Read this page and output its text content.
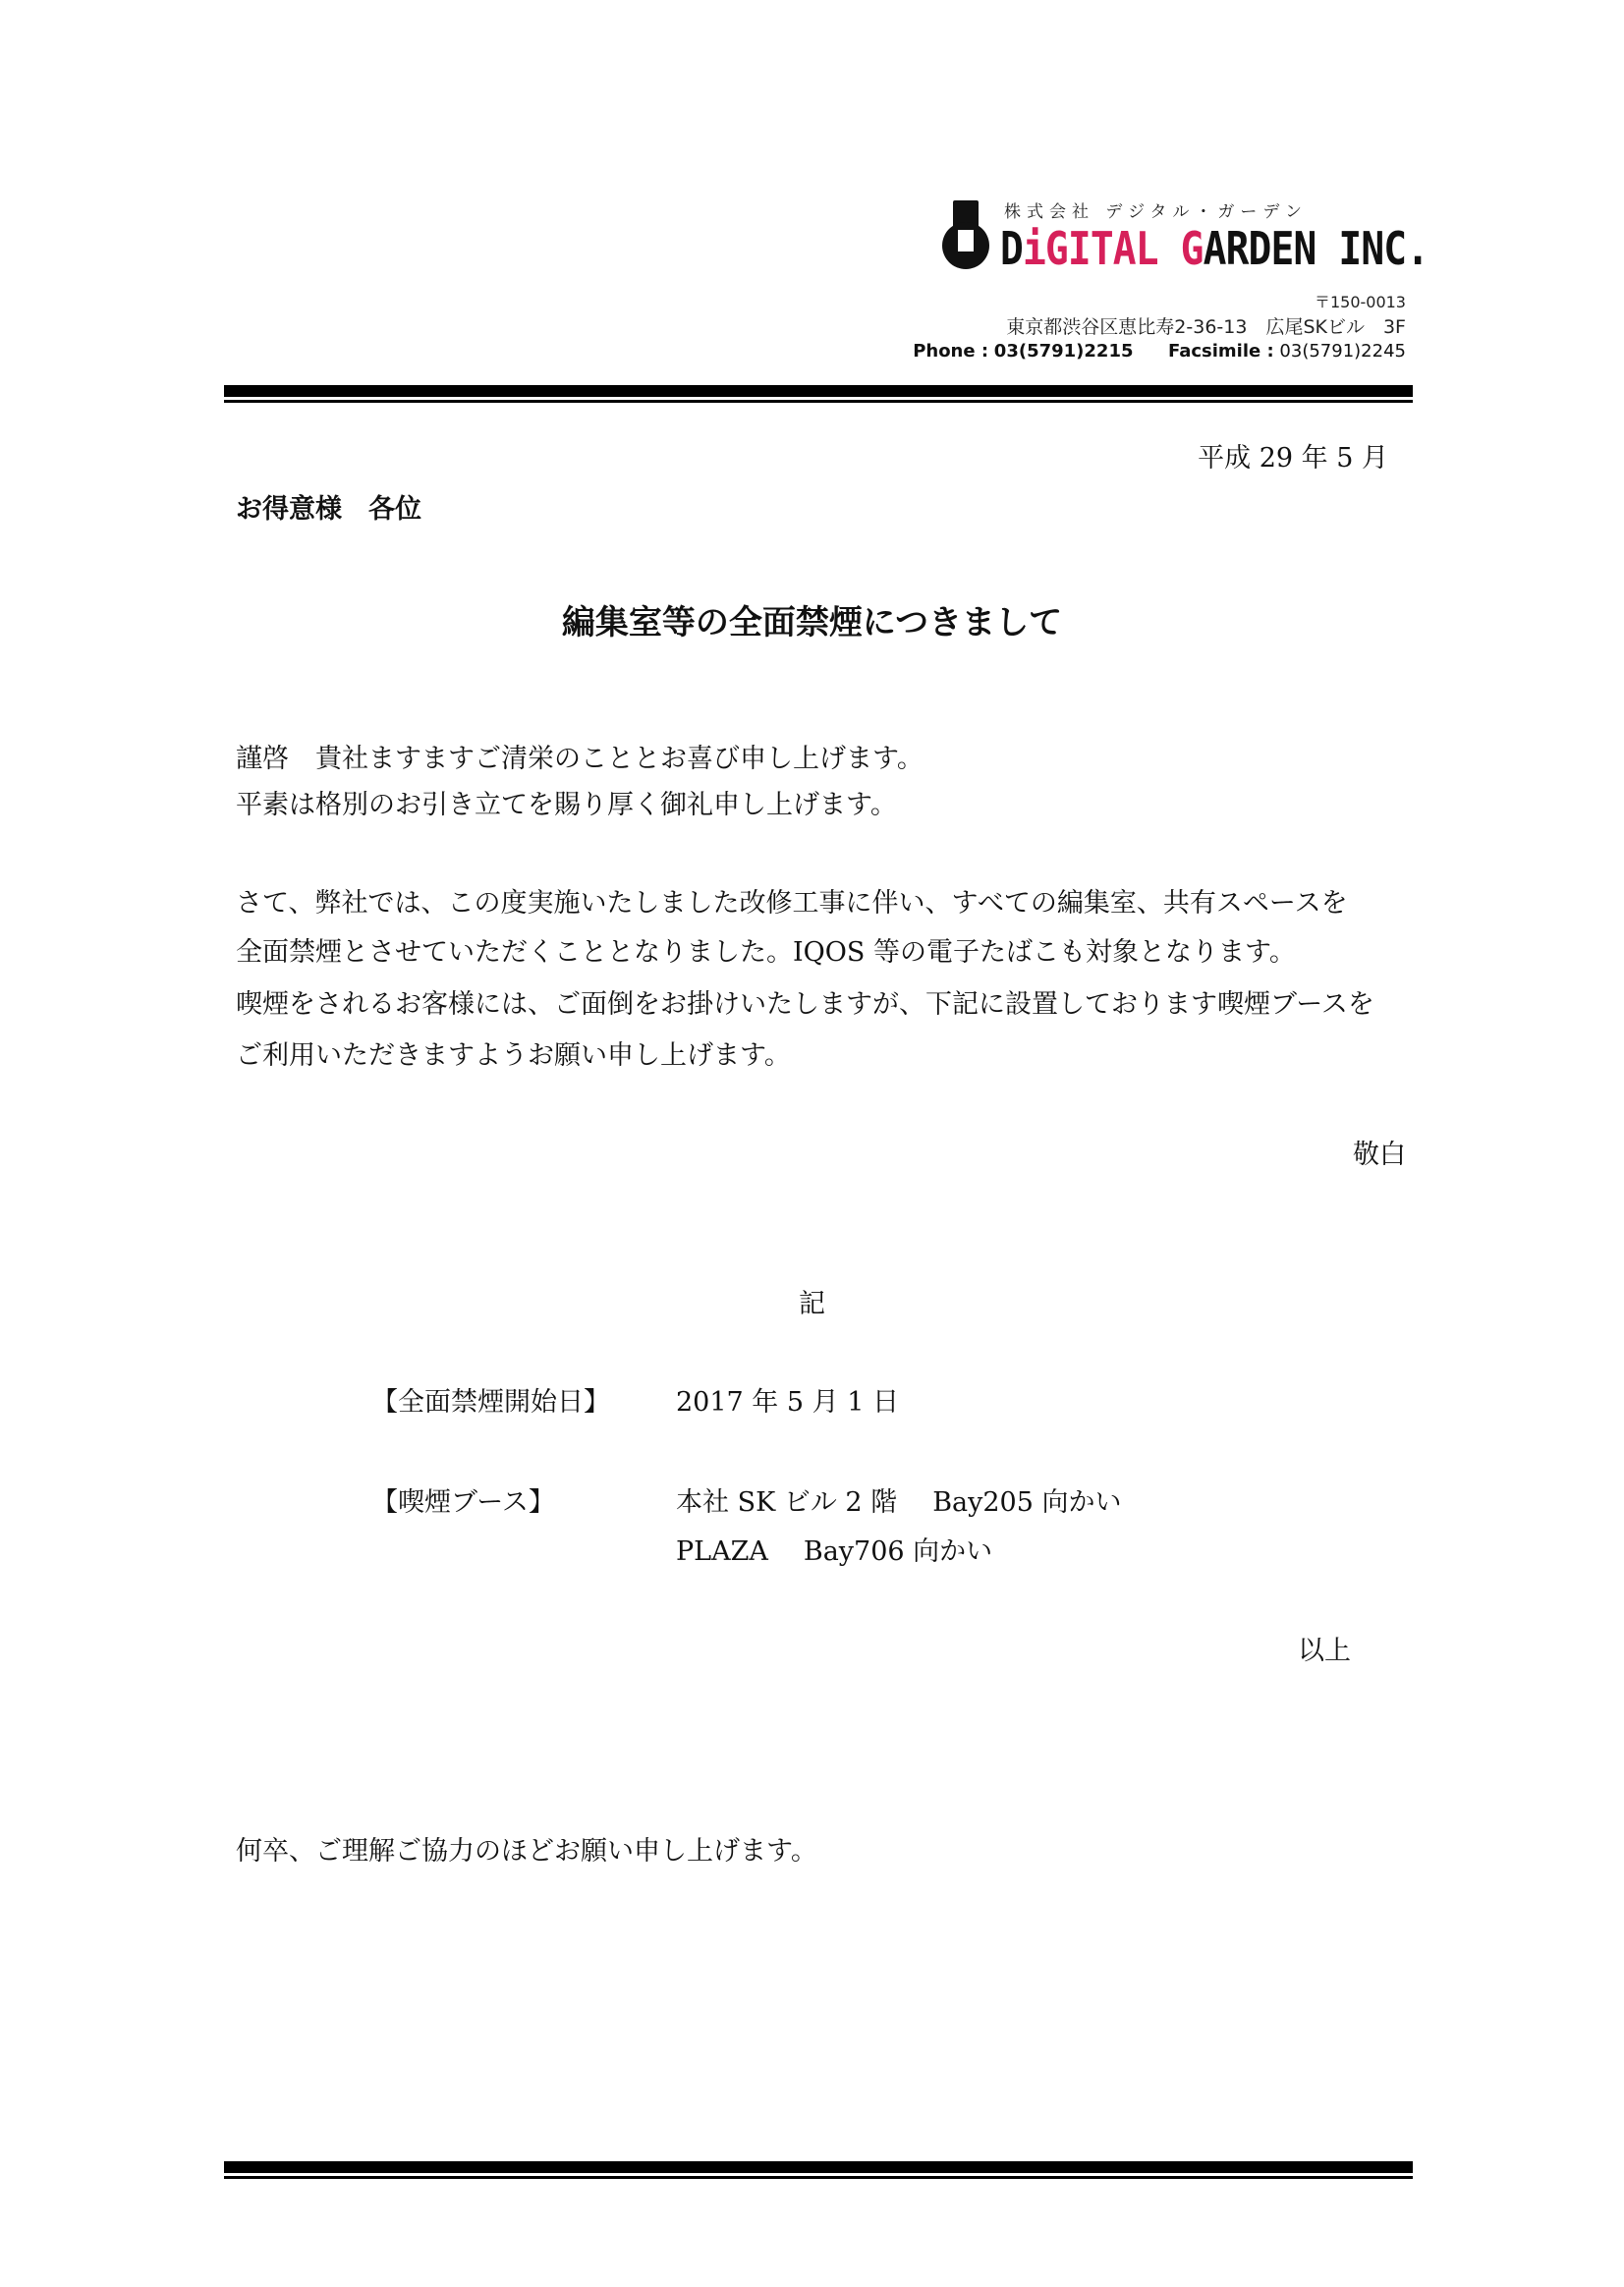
株式会社 デジタル・ガーデン
DiGITAL GARDEN INC.
〒150-0013
東京都渋谷区恵比寿2-36-13　広尾SKビル　3F
Phone : 03(5791)2215 Facsimile : 03(5791)2245
平成 29 年 5 月
お得意様　各位
編集室等の全面禁煙につきまして
謹啓　貴社ますますご清栄のこととお喜び申し上げます。
平素は格別のお引き立てを賜り厚く御礼申し上げます。
さて、弊社では、この度実施いたしました改修工事に伴い、すべての編集室、共有スペースを
全面禁煙とさせていただくこととなりました。IQOS 等の電子たばこも対象となります。
喫煙をされるお客様には、ご面倒をお掛けいたしますが、下記に設置しております喫煙ブースを
ご利用いただきますようお願い申し上げます。
敬白
記
【全面禁煙開始日】 2017 年 5 月 1 日
【喫煙ブース】	本社 SK ビル 2 階 Bay205 向かい
PLAZA Bay706 向かい
以上
何卒、ご理解ご協力のほどお願い申し上げます。
